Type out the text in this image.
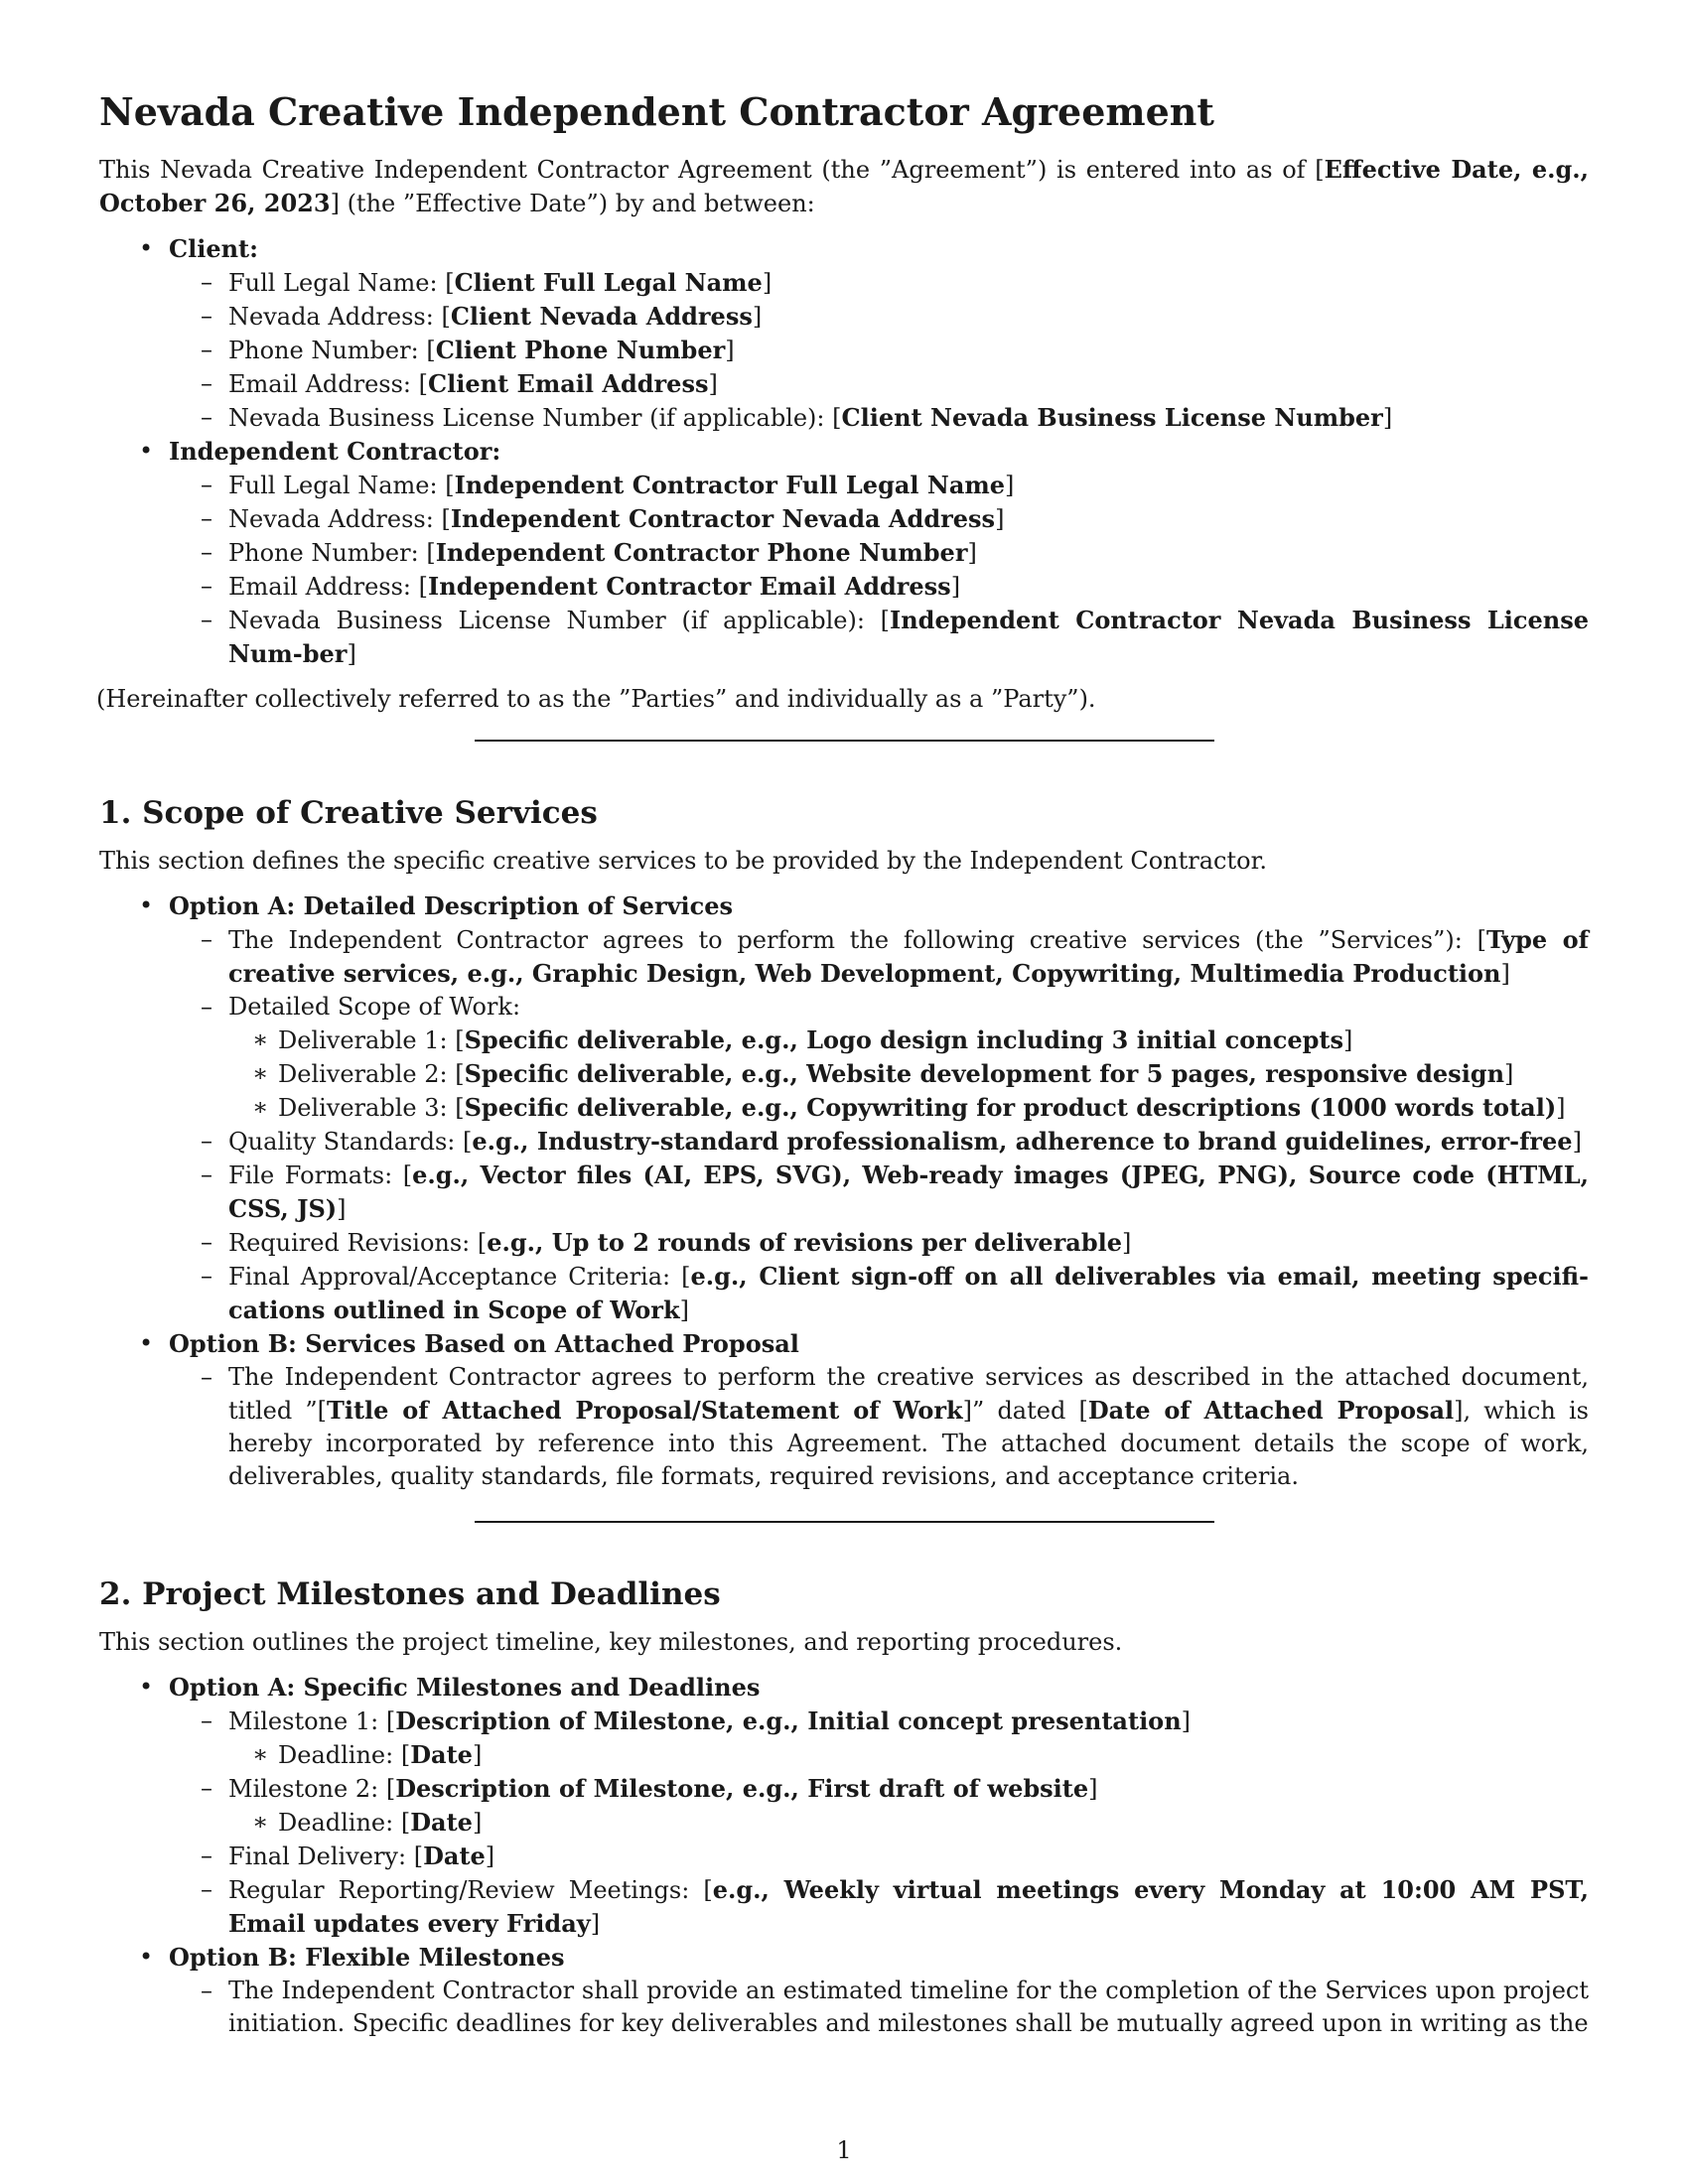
Nevada Creative Independent Contractor Agreement

This Nevada Creative Independent Contractor Agreement (the ”Agreement”) is entered into as of [Effective Date, e.g., October 26, 2023] (the ”Effective Date”) by and between:

• Client:
– Full Legal Name: [Client Full Legal Name]
– Nevada Address: [Client Nevada Address]
– Phone Number: [Client Phone Number]
– Email Address: [Client Email Address]
– Nevada Business License Number (if applicable): [Client Nevada Business License Number]
• Independent Contractor:
– Full Legal Name: [Independent Contractor Full Legal Name]
– Nevada Address: [Independent Contractor Nevada Address]
– Phone Number: [Independent Contractor Phone Number]
– Email Address: [Independent Contractor Email Address]
– Nevada Business License Number (if applicable): [Independent Contractor Nevada Business License Num-ber]

(Hereinafter collectively referred to as the ”Parties” and individually as a ”Party”).

1. Scope of Creative Services

This section defines the specific creative services to be provided by the Independent Contractor.

• Option A: Detailed Description of Services
– The Independent Contractor agrees to perform the following creative services (the ”Services”): [Type of creative services, e.g., Graphic Design, Web Development, Copywriting, Multimedia Production]
– Detailed Scope of Work:
∗ Deliverable 1: [Specific deliverable, e.g., Logo design including 3 initial concepts]
∗ Deliverable 2: [Specific deliverable, e.g., Website development for 5 pages, responsive design]
∗ Deliverable 3: [Specific deliverable, e.g., Copywriting for product descriptions (1000 words total)]
– Quality Standards: [e.g., Industry-standard professionalism, adherence to brand guidelines, error-free]
– File Formats: [e.g., Vector files (AI, EPS, SVG), Web-ready images (JPEG, PNG), Source code (HTML, CSS, JS)]
– Required Revisions: [e.g., Up to 2 rounds of revisions per deliverable]
– Final Approval/Acceptance Criteria: [e.g., Client sign-off on all deliverables via email, meeting specifi-cations outlined in Scope of Work]
• Option B: Services Based on Attached Proposal
– The Independent Contractor agrees to perform the creative services as described in the attached document, titled ”[Title of Attached Proposal/Statement of Work]” dated [Date of Attached Proposal], which is hereby incorporated by reference into this Agreement. The attached document details the scope of work, deliverables, quality standards, file formats, required revisions, and acceptance criteria.
2. Project Milestones and Deadlines

This section outlines the project timeline, key milestones, and reporting procedures.

• Option A: Specific Milestones and Deadlines
– Milestone 1: [Description of Milestone, e.g., Initial concept presentation]
∗ Deadline: [Date]
– Milestone 2: [Description of Milestone, e.g., First draft of website]
∗ Deadline: [Date]
– Final Delivery: [Date]
– Regular Reporting/Review Meetings: [e.g., Weekly virtual meetings every Monday at 10:00 AM PST, Email updates every Friday]
• Option B: Flexible Milestones
– The Independent Contractor shall provide an estimated timeline for the completion of the Services upon project initiation. Specific deadlines for key deliverables and milestones shall be mutually agreed upon in writing as the
1
